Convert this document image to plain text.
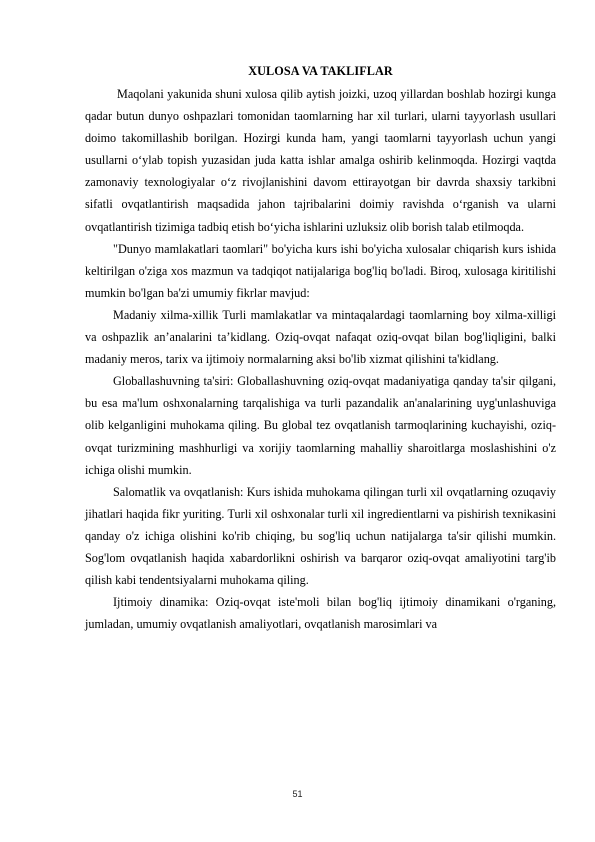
XULOSA VA TAKLIFLAR

Maqolani yakunida shuni xulosa qilib aytish joizki, uzoq yillardan boshlab hozirgi kunga qadar butun dunyo oshpazlari tomonidan taomlarning har xil turlari, ularni tayyorlash usullari doimo takomillashib borilgan. Hozirgi kunda ham, yangi taomlarni tayyorlash uchun yangi usullarni o‘ylab topish yuzasidan juda katta ishlar amalga oshirib kelinmoqda. Hozirgi vaqtda zamonaviy texnologiyalar o‘z rivojlanishini davom ettirayotgan bir davrda shaxsiy tarkibni sifatli ovqatlantirish maqsadida jahon tajribalarini doimiy ravishda o‘rganish va ularni ovqatlantirish tizimiga tadbiq etish bo‘yicha ishlarini uzluksiz olib borish talab etilmoqda.

"Dunyo mamlakatlari taomlari" bo'yicha kurs ishi bo'yicha xulosalar chiqarish kurs ishida keltirilgan o'ziga xos mazmun va tadqiqot natijalariga bog'liq bo'ladi. Biroq, xulosaga kiritilishi mumkin bo'lgan ba'zi umumiy fikrlar mavjud:

Madaniy xilma-xillik Turli mamlakatlar va mintaqalardagi taomlarning boy xilma-xilligi va oshpazlik anʼanalarini taʼkidlang. Oziq-ovqat nafaqat oziq-ovqat bilan bog'liqligini, balki madaniy meros, tarix va ijtimoiy normalarning aksi bo'lib xizmat qilishini ta'kidlang.

Globallashuvning ta'siri: Globallashuvning oziq-ovqat madaniyatiga qanday ta'sir qilgani, bu esa ma'lum oshxonalarning tarqalishiga va turli pazandalik an'analarining uyg'unlashuviga olib kelganligini muhokama qiling. Bu global tez ovqatlanish tarmoqlarining kuchayishi, oziq-ovqat turizmining mashhurligi va xorijiy taomlarning mahalliy sharoitlarga moslashishini o'z ichiga olishi mumkin.

Salomatlik va ovqatlanish: Kurs ishida muhokama qilingan turli xil ovqatlarning ozuqaviy jihatlari haqida fikr yuriting. Turli xil oshxonalar turli xil ingredientlarni va pishirish texnikasini qanday o'z ichiga olishini ko'rib chiqing, bu sog'liq uchun natijalarga ta'sir qilishi mumkin. Sog'lom ovqatlanish haqida xabardorlikni oshirish va barqaror oziq-ovqat amaliyotini targ'ib qilish kabi tendentsiyalarni muhokama qiling.

Ijtimoiy dinamika: Oziq-ovqat iste'moli bilan bog'liq ijtimoiy dinamikani o'rganing, jumladan, umumiy ovqatlanish amaliyotlari, ovqatlanish marosimlari va

51
